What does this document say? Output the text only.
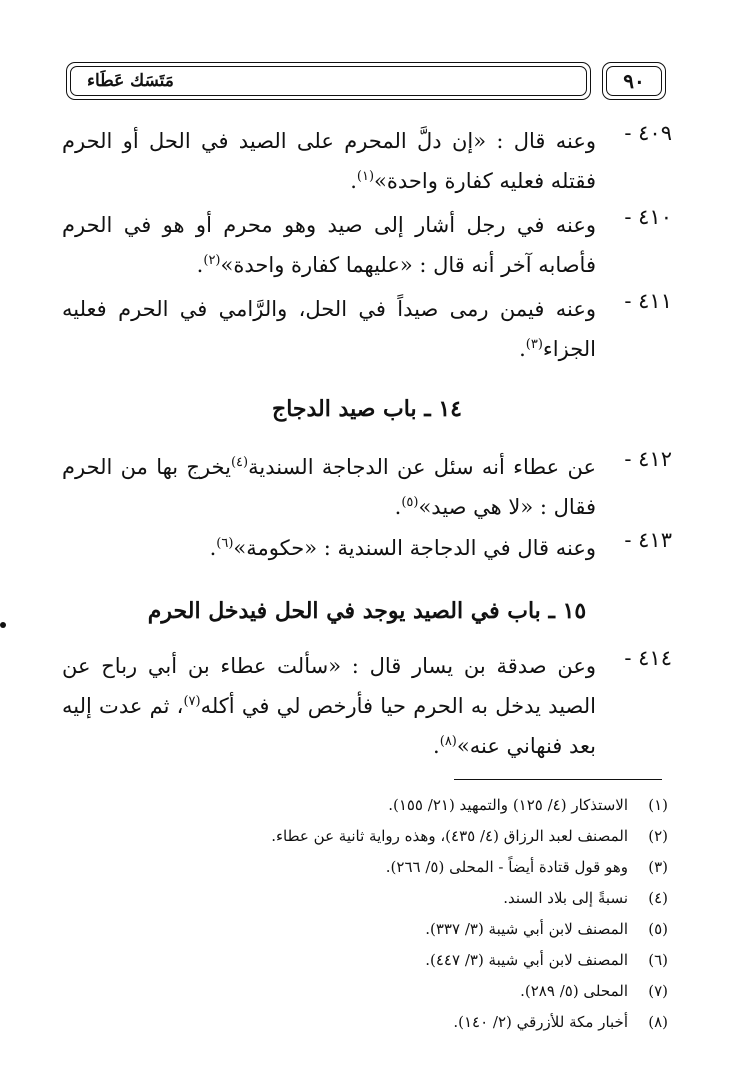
مَتَسَك عَطَاء	٩٠
٤٠٩ -
وعنه قال : «إن دلَّ المحرم على الصيد في الحل أو الحرم فقتله فعليه كفارة واحدة»$^{(١)}$.
٤١٠ -
وعنه في رجل أشار إلى صيد وهو محرم أو هو في الحرم فأصابه آخر أنه قال : «عليهما كفارة واحدة»$^{(٢)}$.
٤١١ -
وعنه فيمن رمى صيداً في الحل، والرَّامي في الحرم فعليه الجزاء$^{(٣)}$.
١٤ ـ باب صيد الدجاج
٤١٢ -
عن عطاء أنه سئل عن الدجاجة السندية$^{(٤)}$يخرج بها من الحرم فقال : «لا هي صيد»$^{(٥)}$.
٤١٣ -
وعنه قال في الدجاجة السندية : «حكومة»$^{(٦)}$.
١٥ ـ باب في الصيد يوجد في الحل فيدخل الحرم
٤١٤ -
وعن صدقة بن يسار قال : «سألت عطاء بن أبي رباح عن الصيد يدخل به الحرم حيا فأرخص لي في أكله$^{(٧)}$، ثم عدت إليه بعد فنهاني عنه»$^{(٨)}$.
(١)الاستذكار (٤/ ١٢٥) والتمهيد (٢١/ ١٥٥).
(٢)المصنف لعبد الرزاق (٤/ ٤٣٥)، وهذه رواية ثانية عن عطاء.
(٣)وهو قول قتادة أيضاً - المحلى (٥/ ٢٦٦).
(٤)نسبةً إلى بلاد السند.
(٥)المصنف لابن أبي شيبة (٣/ ٣٣٧).
(٦)المصنف لابن أبي شيبة (٣/ ٤٤٧).
(٧)المحلى (٥/ ٢٨٩).
(٨)أخبار مكة للأزرقي (٢/ ١٤٠).
